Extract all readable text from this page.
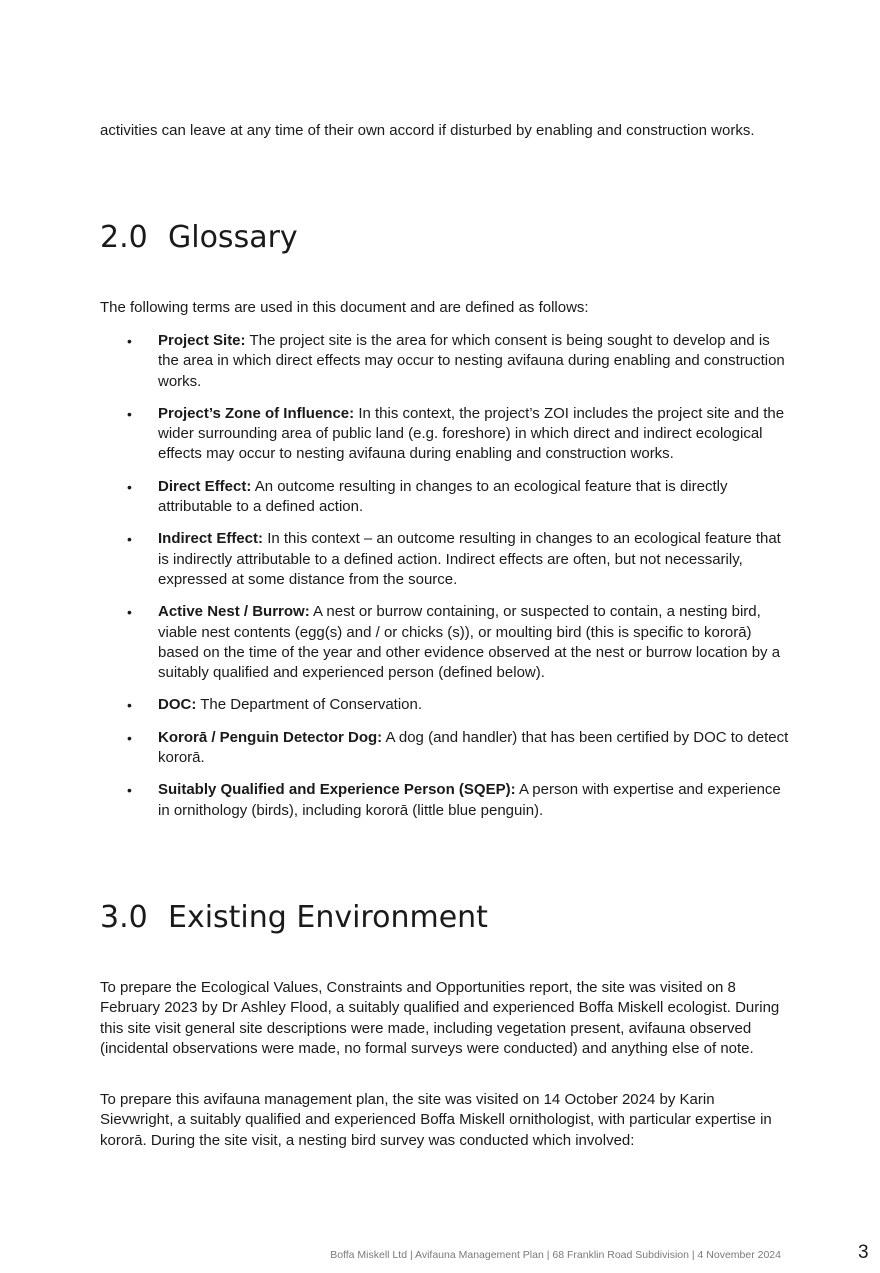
activities can leave at any time of their own accord if disturbed by enabling and construction works.

2.0 Glossary

The following terms are used in this document and are defined as follows:

• Project Site: The project site is the area for which consent is being sought to develop and is the area in which direct effects may occur to nesting avifauna during enabling and construction works.
• Project’s Zone of Influence: In this context, the project’s ZOI includes the project site and the wider surrounding area of public land (e.g. foreshore) in which direct and indirect ecological effects may occur to nesting avifauna during enabling and construction works.
• Direct Effect: An outcome resulting in changes to an ecological feature that is directly attributable to a defined action.
• Indirect Effect: In this context – an outcome resulting in changes to an ecological feature that is indirectly attributable to a defined action. Indirect effects are often, but not necessarily, expressed at some distance from the source.
• Active Nest / Burrow: A nest or burrow containing, or suspected to contain, a nesting bird, viable nest contents (egg(s) and / or chicks (s)), or moulting bird (this is specific to kororā) based on the time of the year and other evidence observed at the nest or burrow location by a suitably qualified and experienced person (defined below).
• DOC: The Department of Conservation.
• Kororā / Penguin Detector Dog: A dog (and handler) that has been certified by DOC to detect kororā.
• Suitably Qualified and Experience Person (SQEP): A person with expertise and experience in ornithology (birds), including kororā (little blue penguin).
3.0 Existing Environment

To prepare the Ecological Values, Constraints and Opportunities report, the site was visited on 8 February 2023 by Dr Ashley Flood, a suitably qualified and experienced Boffa Miskell ecologist. During this site visit general site descriptions were made, including vegetation present, avifauna observed (incidental observations were made, no formal surveys were conducted) and anything else of note.

To prepare this avifauna management plan, the site was visited on 14 October 2024 by Karin Sievwright, a suitably qualified and experienced Boffa Miskell ornithologist, with particular expertise in kororā. During the site visit, a nesting bird survey was conducted which involved:

Boffa Miskell Ltd | Avifauna Management Plan | 68 Franklin Road Subdivision | 4 November 2024	3
